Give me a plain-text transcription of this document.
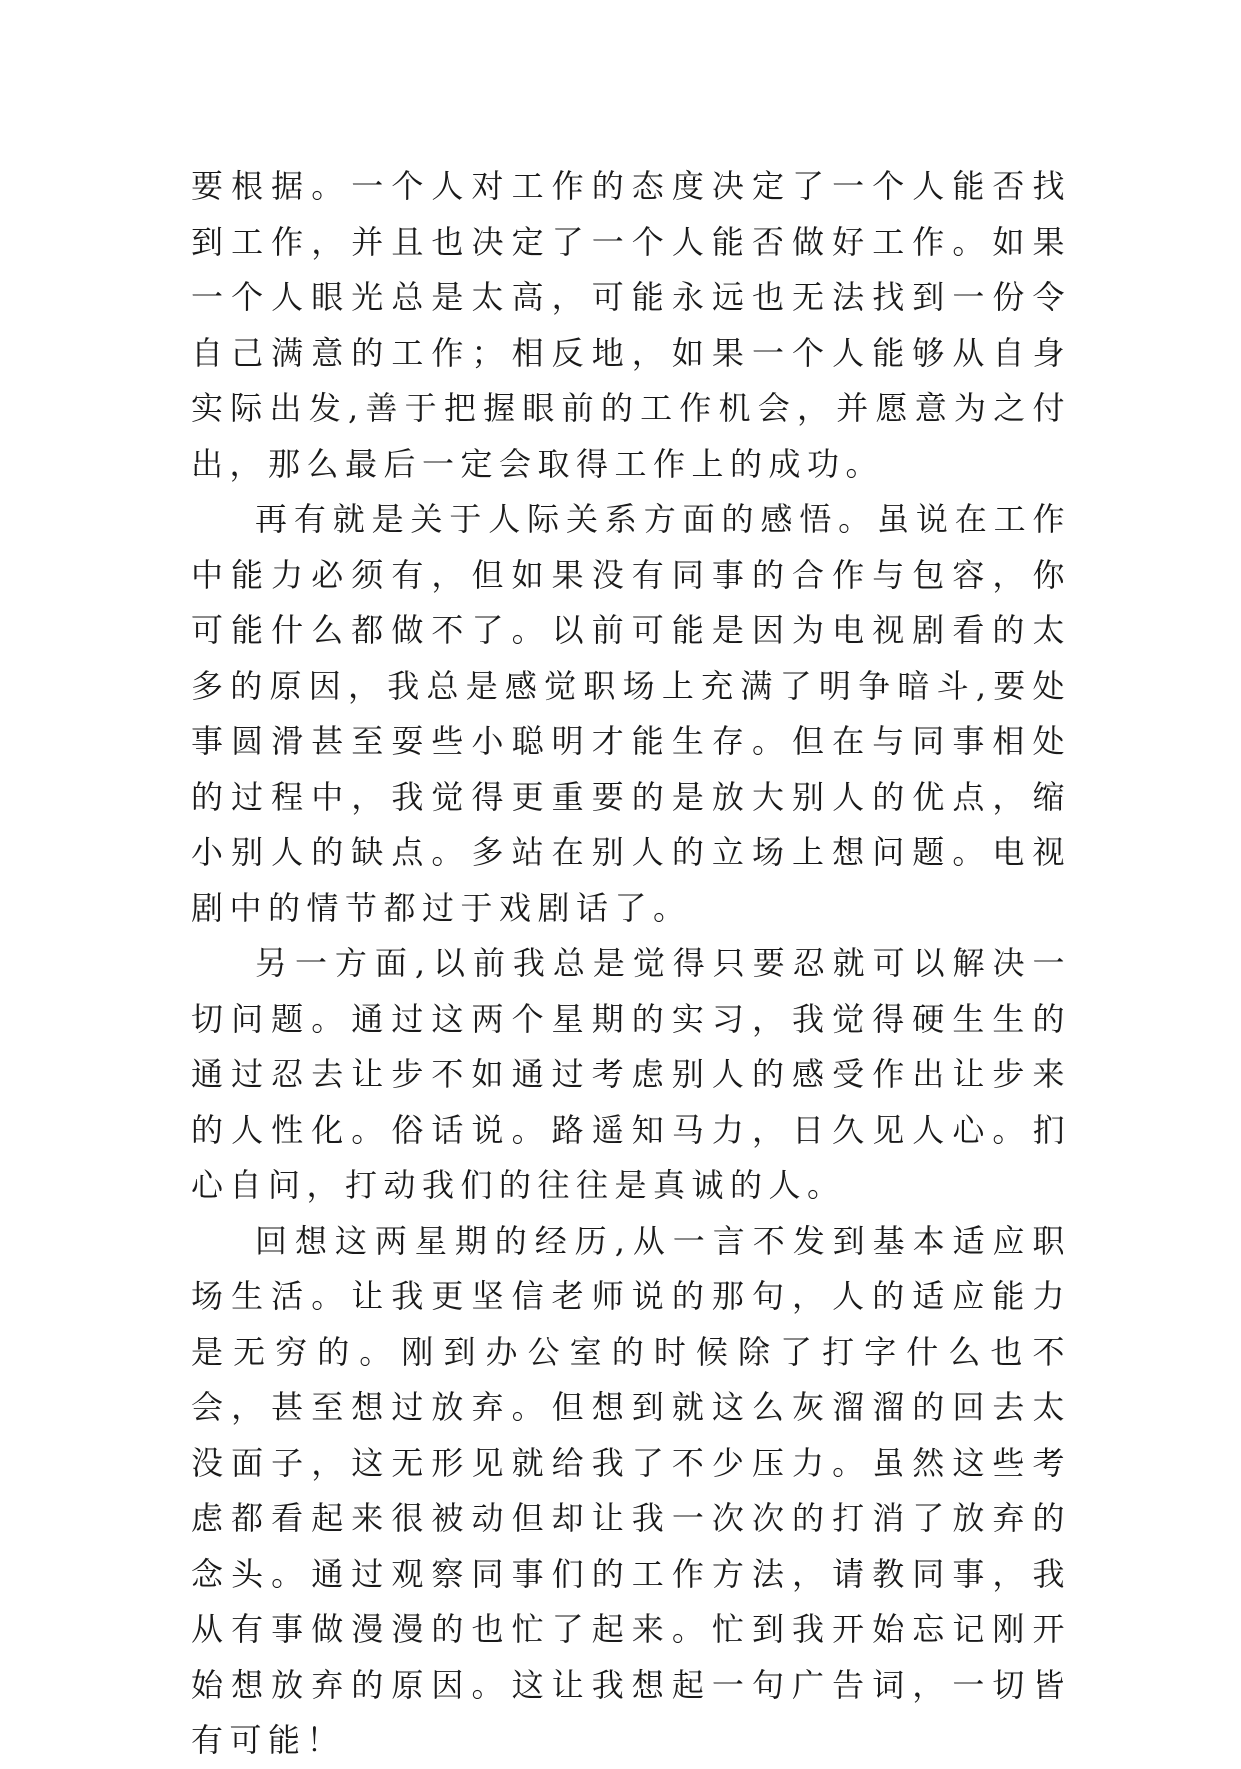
要根据。一个人对工作的态度决定了一个人能否找到工作，并且也决定了一个人能否做好工作。如果一个人眼光总是太高，可能永远也无法找到一份令自己满意的工作；相反地，如果一个人能够从自身实际出发,善于把握眼前的工作机会，并愿意为之付出，那么最后一定会取得工作上的成功。

再有就是关于人际关系方面的感悟。虽说在工作中能力必须有，但如果没有同事的合作与包容，你可能什么都做不了。以前可能是因为电视剧看的太多的原因，我总是感觉职场上充满了明争暗斗,要处事圆滑甚至耍些小聪明才能生存。但在与同事相处的过程中，我觉得更重要的是放大别人的优点，缩小别人的缺点。多站在别人的立场上想问题。电视剧中的情节都过于戏剧话了。

另一方面,以前我总是觉得只要忍就可以解决一切问题。通过这两个星期的实习，我觉得硬生生的通过忍去让步不如通过考虑别人的感受作出让步来的人性化。俗话说。路遥知马力，日久见人心。扪心自问，打动我们的往往是真诚的人。

回想这两星期的经历,从一言不发到基本适应职场生活。让我更坚信老师说的那句，人的适应能力是无穷的。刚到办公室的时候除了打字什么也不会，甚至想过放弃。但想到就这么灰溜溜的回去太没面子，这无形见就给我了不少压力。虽然这些考虑都看起来很被动但却让我一次次的打消了放弃的念头。通过观察同事们的工作方法，请教同事，我从有事做漫漫的也忙了起来。忙到我开始忘记刚开始想放弃的原因。这让我想起一句广告词，一切皆有可能！
